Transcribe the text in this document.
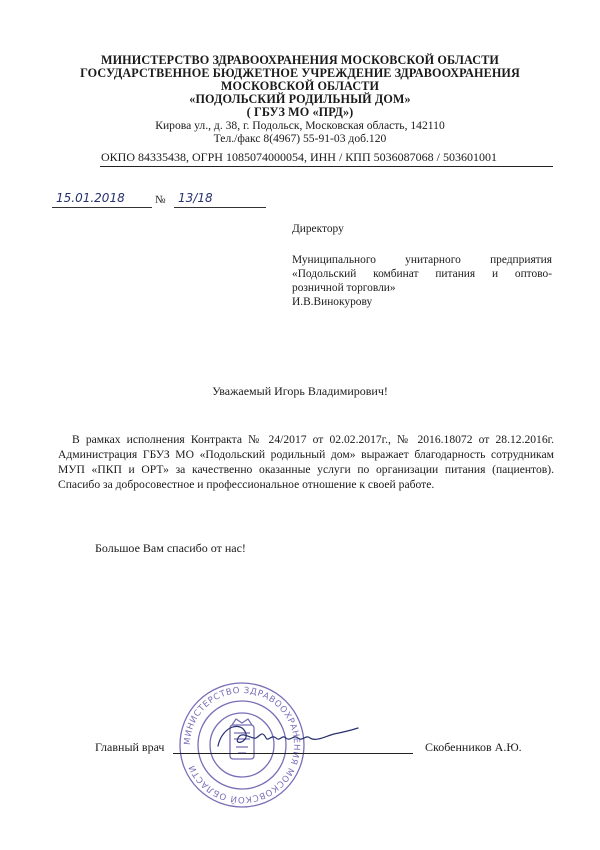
МИНИСТЕРСТВО ЗДРАВООХРАНЕНИЯ МОСКОВСКОЙ ОБЛАСТИ
ГОСУДАРСТВЕННОЕ БЮДЖЕТНОЕ УЧРЕЖДЕНИЕ ЗДРАВООХРАНЕНИЯ
МОСКОВСКОЙ ОБЛАСТИ
«ПОДОЛЬСКИЙ РОДИЛЬНЫЙ ДОМ»
( ГБУЗ МО «ПРД»)
Кирова ул., д. 38, г. Подольск, Московская область, 142110
Тел./факс 8(4967) 55-91-03 доб.120
ОКПО 84335438, ОГРН 1085074000054, ИНН / КПП 5036087068 / 503601001
15.01.2018	№	13/18
Директору
Муниципального унитарного предприятия
«Подольский комбинат питания и оптово-
розничной торговли»
И.В.Винокурову
Уважаемый Игорь Владимирович!
В рамках исполнения Контракта № 24/2017 от 02.02.2017г., № 2016.18072 от 28.12.2016г.
Администрация ГБУЗ МО «Подольский родильный дом» выражает благодарность сотрудникам
МУП «ПКП и ОРТ» за качественно оказанные услуги по организации питания (пациентов).
Спасибо за добросовестное и профессиональное отношение к своей работе.
Большое Вам спасибо от нас!
МИНИСТЕРСТВО ЗДРАВООХРАНЕНИЯ МОСКОВСКОЙ ОБЛАСТИ
Главный врач	Скобенников А.Ю.
